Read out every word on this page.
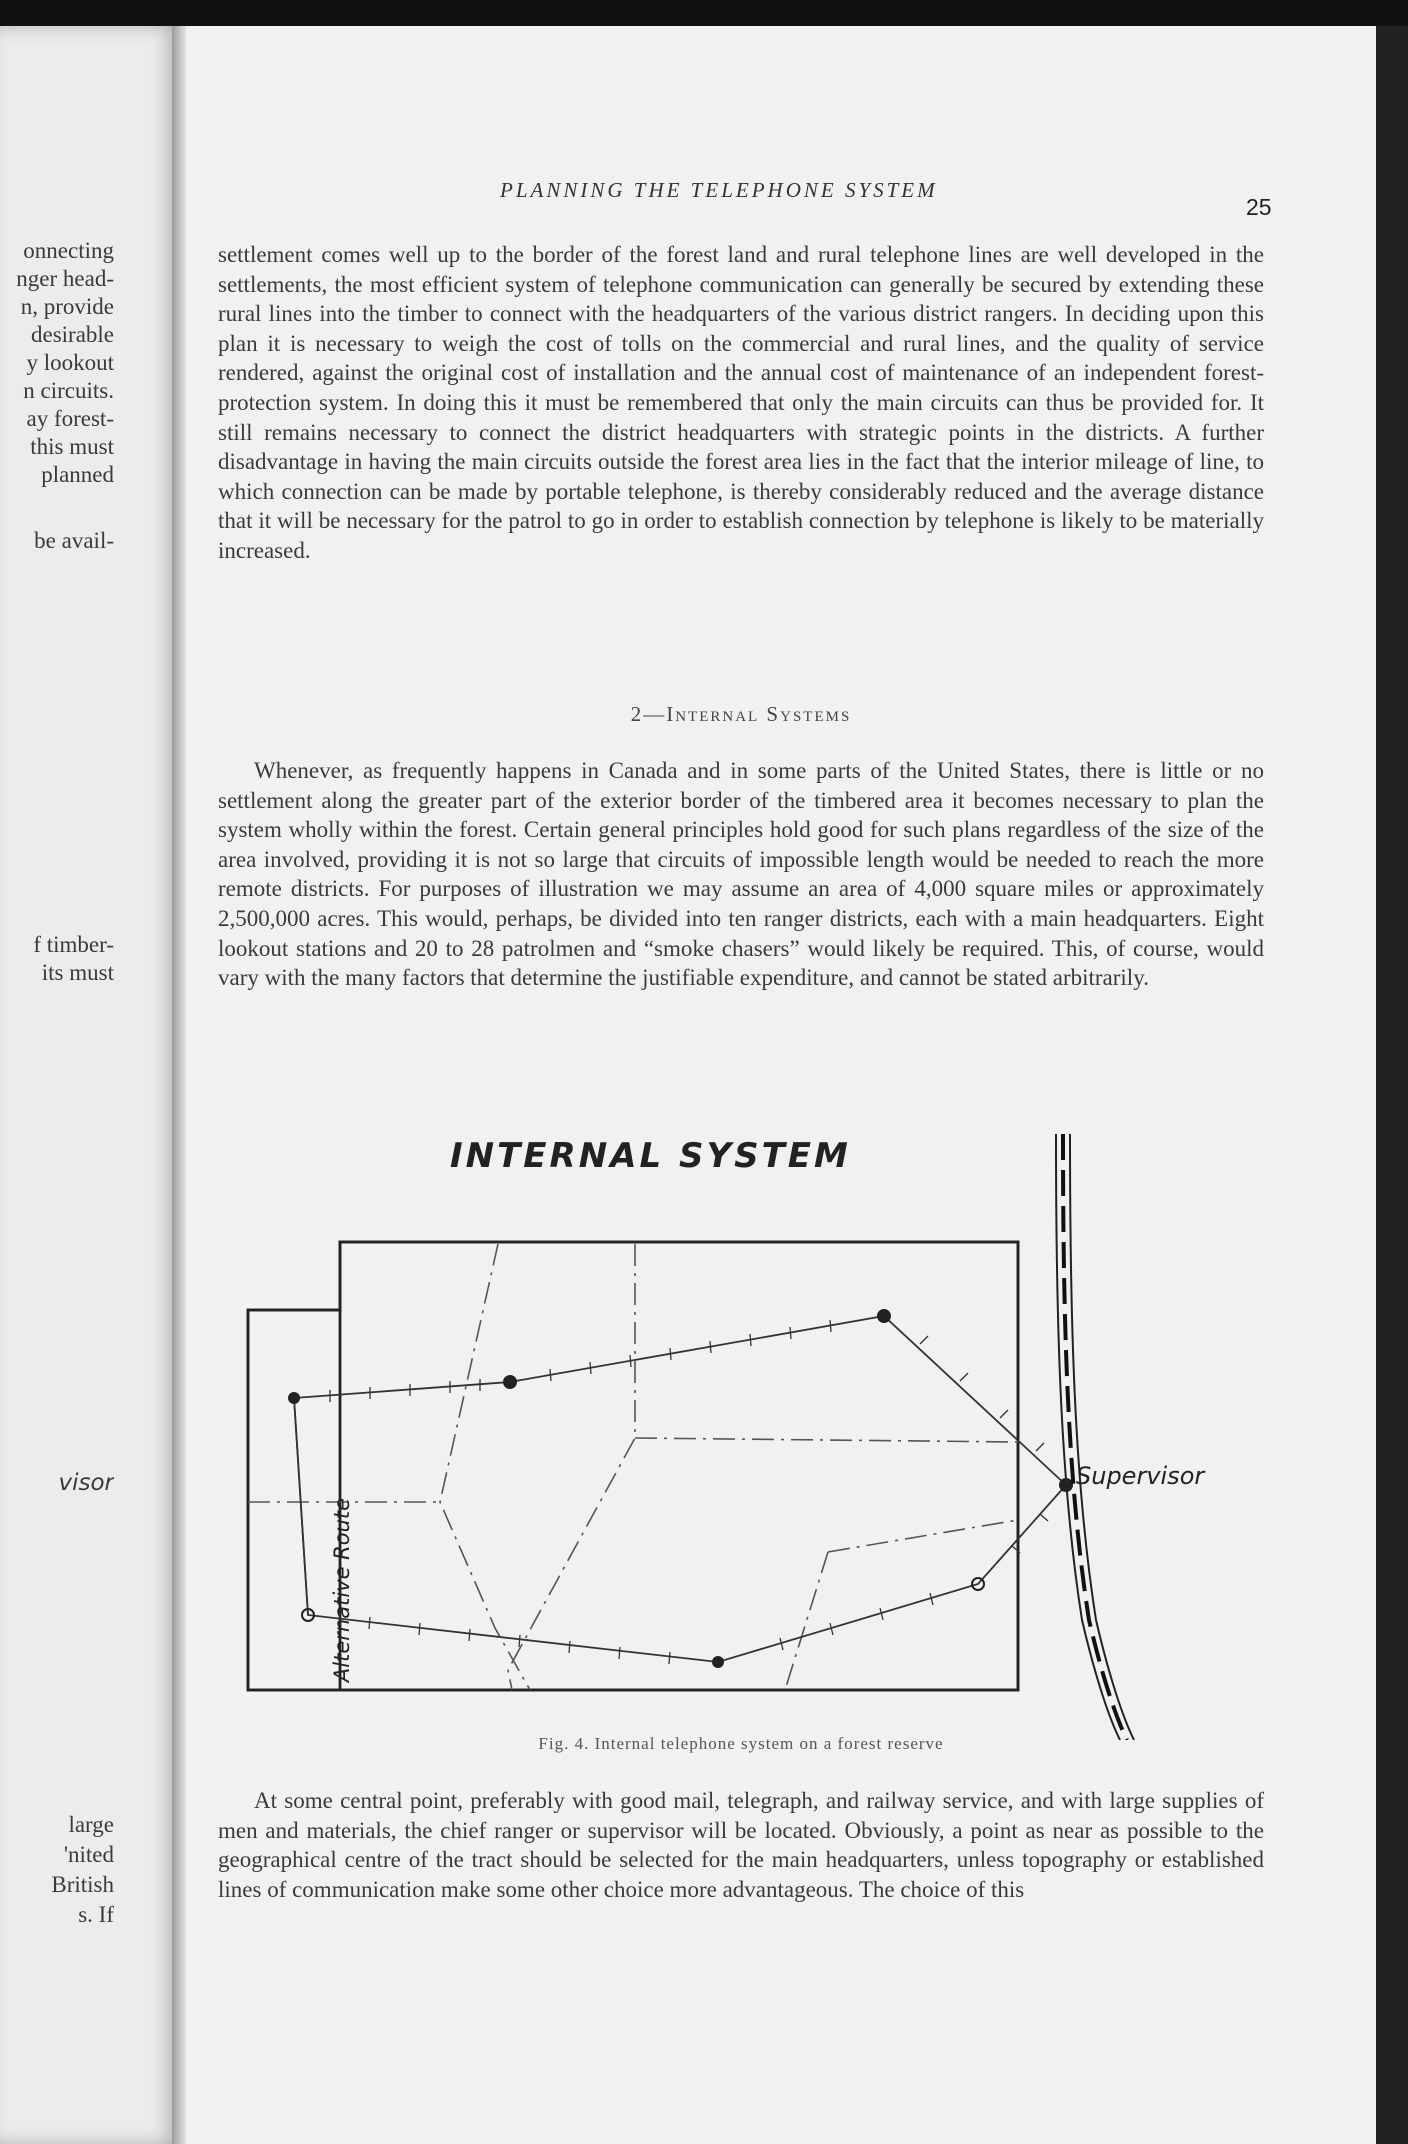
onnecting
nger head-
n, provide
desirable
y lookout
n circuits.
ay forest-
this must
planned
be avail-
f timber-
its must
visor
large
'nited
British
s. If
PLANNING THE TELEPHONE SYSTEM
25
settlement comes well up to the border of the forest land and rural telephone lines are well developed in the settlements, the most efficient system of telephone communication can generally be secured by extending these rural lines into the timber to connect with the headquarters of the various district rangers. In deciding upon this plan it is necessary to weigh the cost of tolls on the commercial and rural lines, and the quality of service rendered, against the original cost of installation and the annual cost of maintenance of an independent forest-protection system. In doing this it must be remembered that only the main circuits can thus be provided for. It still remains necessary to connect the district headquarters with strategic points in the districts. A further disadvantage in having the main circuits outside the forest area lies in the fact that the interior mileage of line, to which connection can be made by portable telephone, is thereby considerably reduced and the average distance that it will be necessary for the patrol to go in order to establish connection by telephone is likely to be materially increased.
2—Internal Systems
Whenever, as frequently happens in Canada and in some parts of the United States, there is little or no settlement along the greater part of the exterior border of the timbered area it becomes necessary to plan the system wholly within the forest. Certain general principles hold good for such plans regardless of the size of the area involved, providing it is not so large that circuits of impossible length would be needed to reach the more remote districts. For purposes of illustration we may assume an area of 4,000 square miles or approximately 2,500,000 acres. This would, perhaps, be divided into ten ranger districts, each with a main headquarters. Eight lookout stations and 20 to 28 patrolmen and “smoke chasers” would likely be required. This, of course, would vary with the many factors that determine the justifiable expenditure, and cannot be stated arbitrarily.
INTERNAL SYSTEM
Supervisor
Alternative Route
Fig. 4. Internal telephone system on a forest reserve
At some central point, preferably with good mail, telegraph, and railway service, and with large supplies of men and materials, the chief ranger or supervisor will be located. Obviously, a point as near as possible to the geographical centre of the tract should be selected for the main headquarters, unless topography or established lines of communication make some other choice more advantageous. The choice of this
